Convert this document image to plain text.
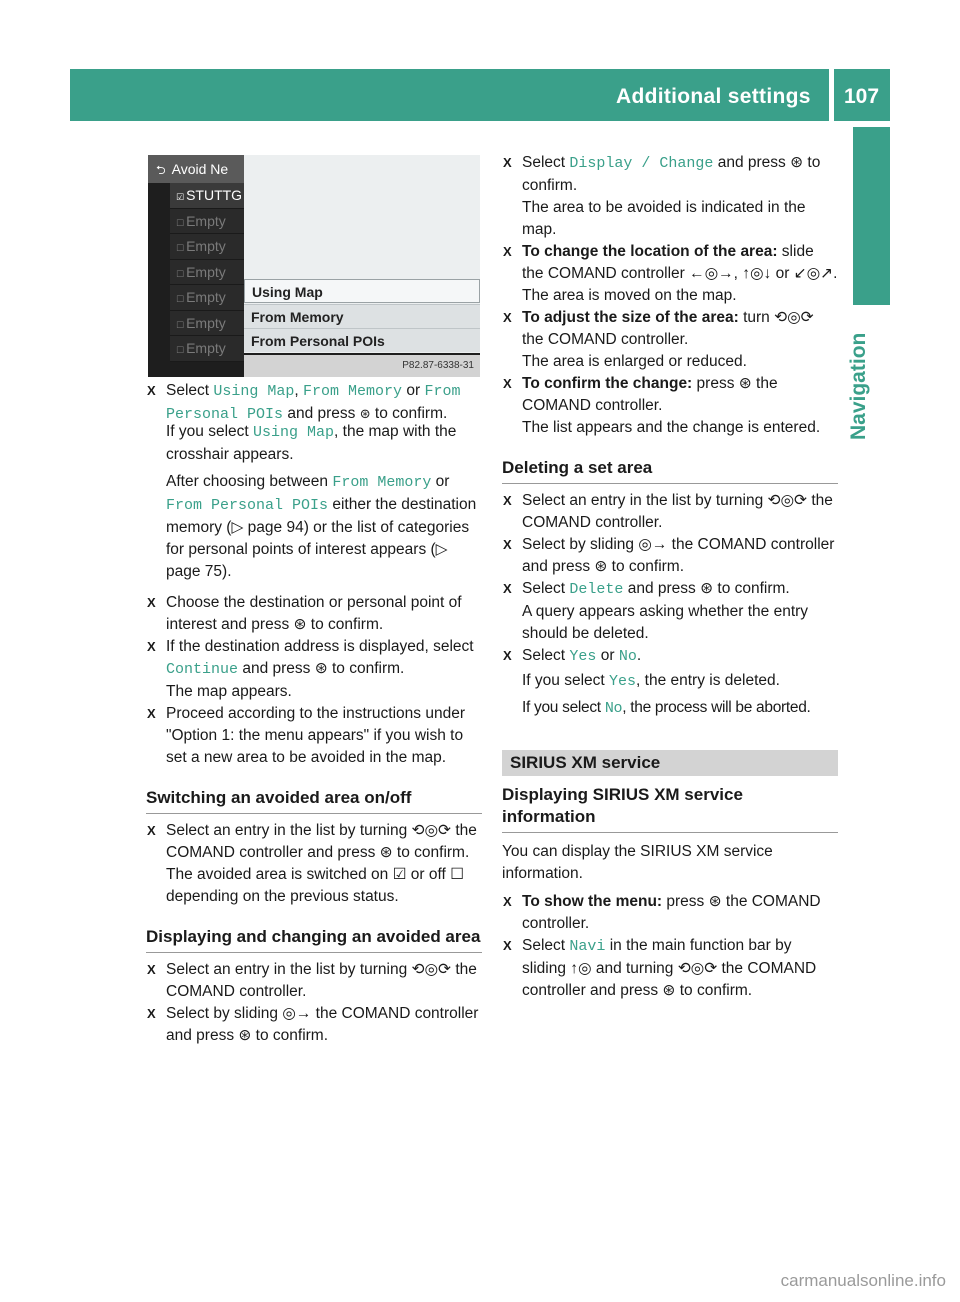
Additional settings 107
Navigation
⮌ Avoid Ne
☑ STUTTG
☐ Empty
☐ Empty
☐ Empty
☐ Empty
☐ Empty
☐ Empty
Using Map
From Memory
From Personal POIs
P82.87-6338-31

X Select Using Map, From Memory or From Personal POIs and press ⊛ to confirm.

If you select Using Map, the map with the crosshair appears.

After choosing between From Memory or From Personal POIs either the destination memory (▷ page 94) or the list of categories for personal points of interest appears (▷ page 75).

X Choose the destination or personal point of interest and press ⊛ to confirm.

X If the destination address is displayed, select Continue and press ⊛ to confirm.
The map appears.

X Proceed according to the instructions under "Option 1: the menu appears" if you wish to set a new area to be avoided in the map.

Switching an avoided area on/off

X Select an entry in the list by turning ⟲◎⟳ the COMAND controller and press ⊛ to confirm.
The avoided area is switched on ☑ or off ☐ depending on the previous status.

Displaying and changing an avoided area

X Select an entry in the list by turning ⟲◎⟳ the COMAND controller.

X Select by sliding ◎→ the COMAND controller and press ⊛ to confirm.

X Select Display / Change and press ⊛ to confirm.
The area to be avoided is indicated in the map.

X To change the location of the area: slide the COMAND controller ←◎→, ↑◎↓ or ↙◎↗.
The area is moved on the map.

X To adjust the size of the area: turn ⟲◎⟳ the COMAND controller.
The area is enlarged or reduced.

X To confirm the change: press ⊛ the COMAND controller.
The list appears and the change is entered.

Deleting a set area

X Select an entry in the list by turning ⟲◎⟳ the COMAND controller.

X Select by sliding ◎→ the COMAND controller and press ⊛ to confirm.

X Select Delete and press ⊛ to confirm.
A query appears asking whether the entry should be deleted.

X Select Yes or No.

If you select Yes, the entry is deleted.

If you select No, the process will be aborted.

SIRIUS XM service
Displaying SIRIUS XM service information

You can display the SIRIUS XM service information.

X To show the menu: press ⊛ the COMAND controller.

X Select Navi in the main function bar by sliding ↑◎ and turning ⟲◎⟳ the COMAND controller and press ⊛ to confirm.

carmanualsonline.info
